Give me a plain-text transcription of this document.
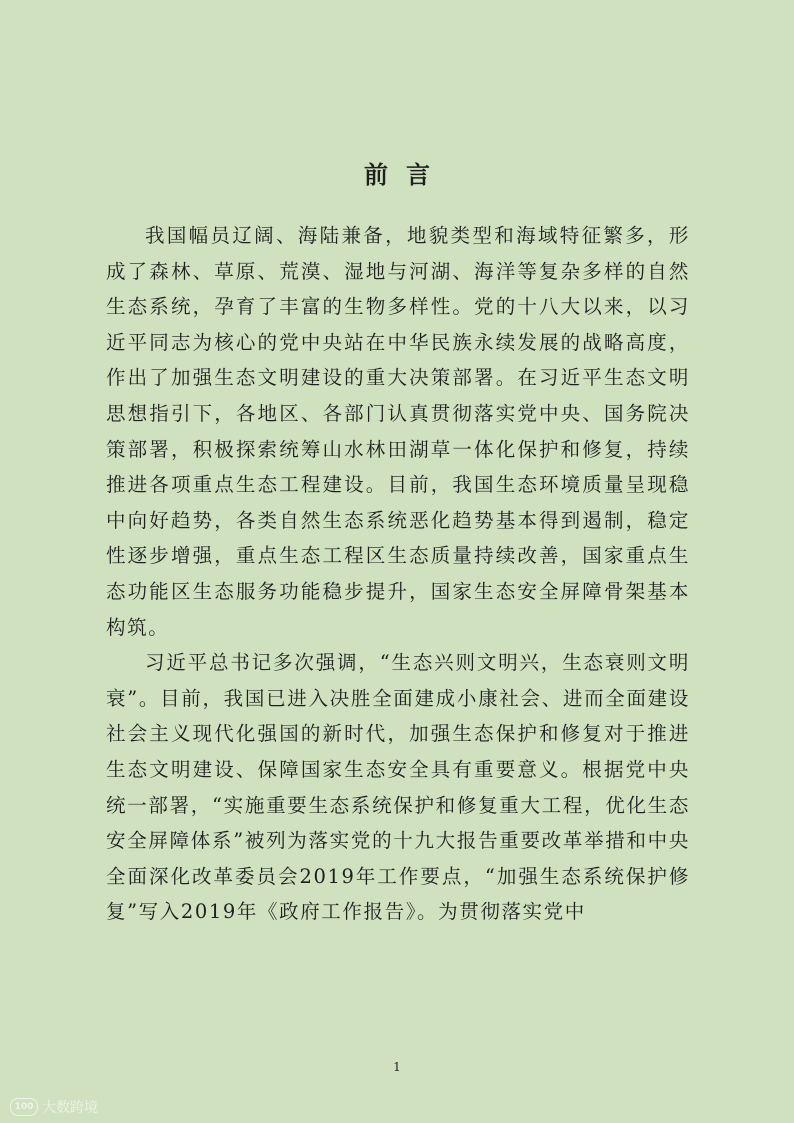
前言

我国幅员辽阔、海陆兼备，地貌类型和海域特征繁多，形成了森林、草原、荒漠、湿地与河湖、海洋等复杂多样的自然生态系统，孕育了丰富的生物多样性。党的十八大以来，以习近平同志为核心的党中央站在中华民族永续发展的战略高度，作出了加强生态文明建设的重大决策部署。在习近平生态文明思想指引下，各地区、各部门认真贯彻落实党中央、国务院决策部署，积极探索统筹山水林田湖草一体化保护和修复，持续推进各项重点生态工程建设。目前，我国生态环境质量呈现稳中向好趋势，各类自然生态系统恶化趋势基本得到遏制，稳定性逐步增强，重点生态工程区生态质量持续改善，国家重点生态功能区生态服务功能稳步提升，国家生态安全屏障骨架基本构筑。

习近平总书记多次强调，“生态兴则文明兴，生态衰则文明衰”。目前，我国已进入决胜全面建成小康社会、进而全面建设社会主义现代化强国的新时代，加强生态保护和修复对于推进生态文明建设、保障国家生态安全具有重要意义。根据党中央统一部署，“实施重要生态系统保护和修复重大工程，优化生态安全屏障体系”被列为落实党的十九大报告重要改革举措和中央全面深化改革委员会2019年工作要点，“加强生态系统保护修复”写入2019年《政府工作报告》。为贯彻落实党中

1
100 大数跨境
